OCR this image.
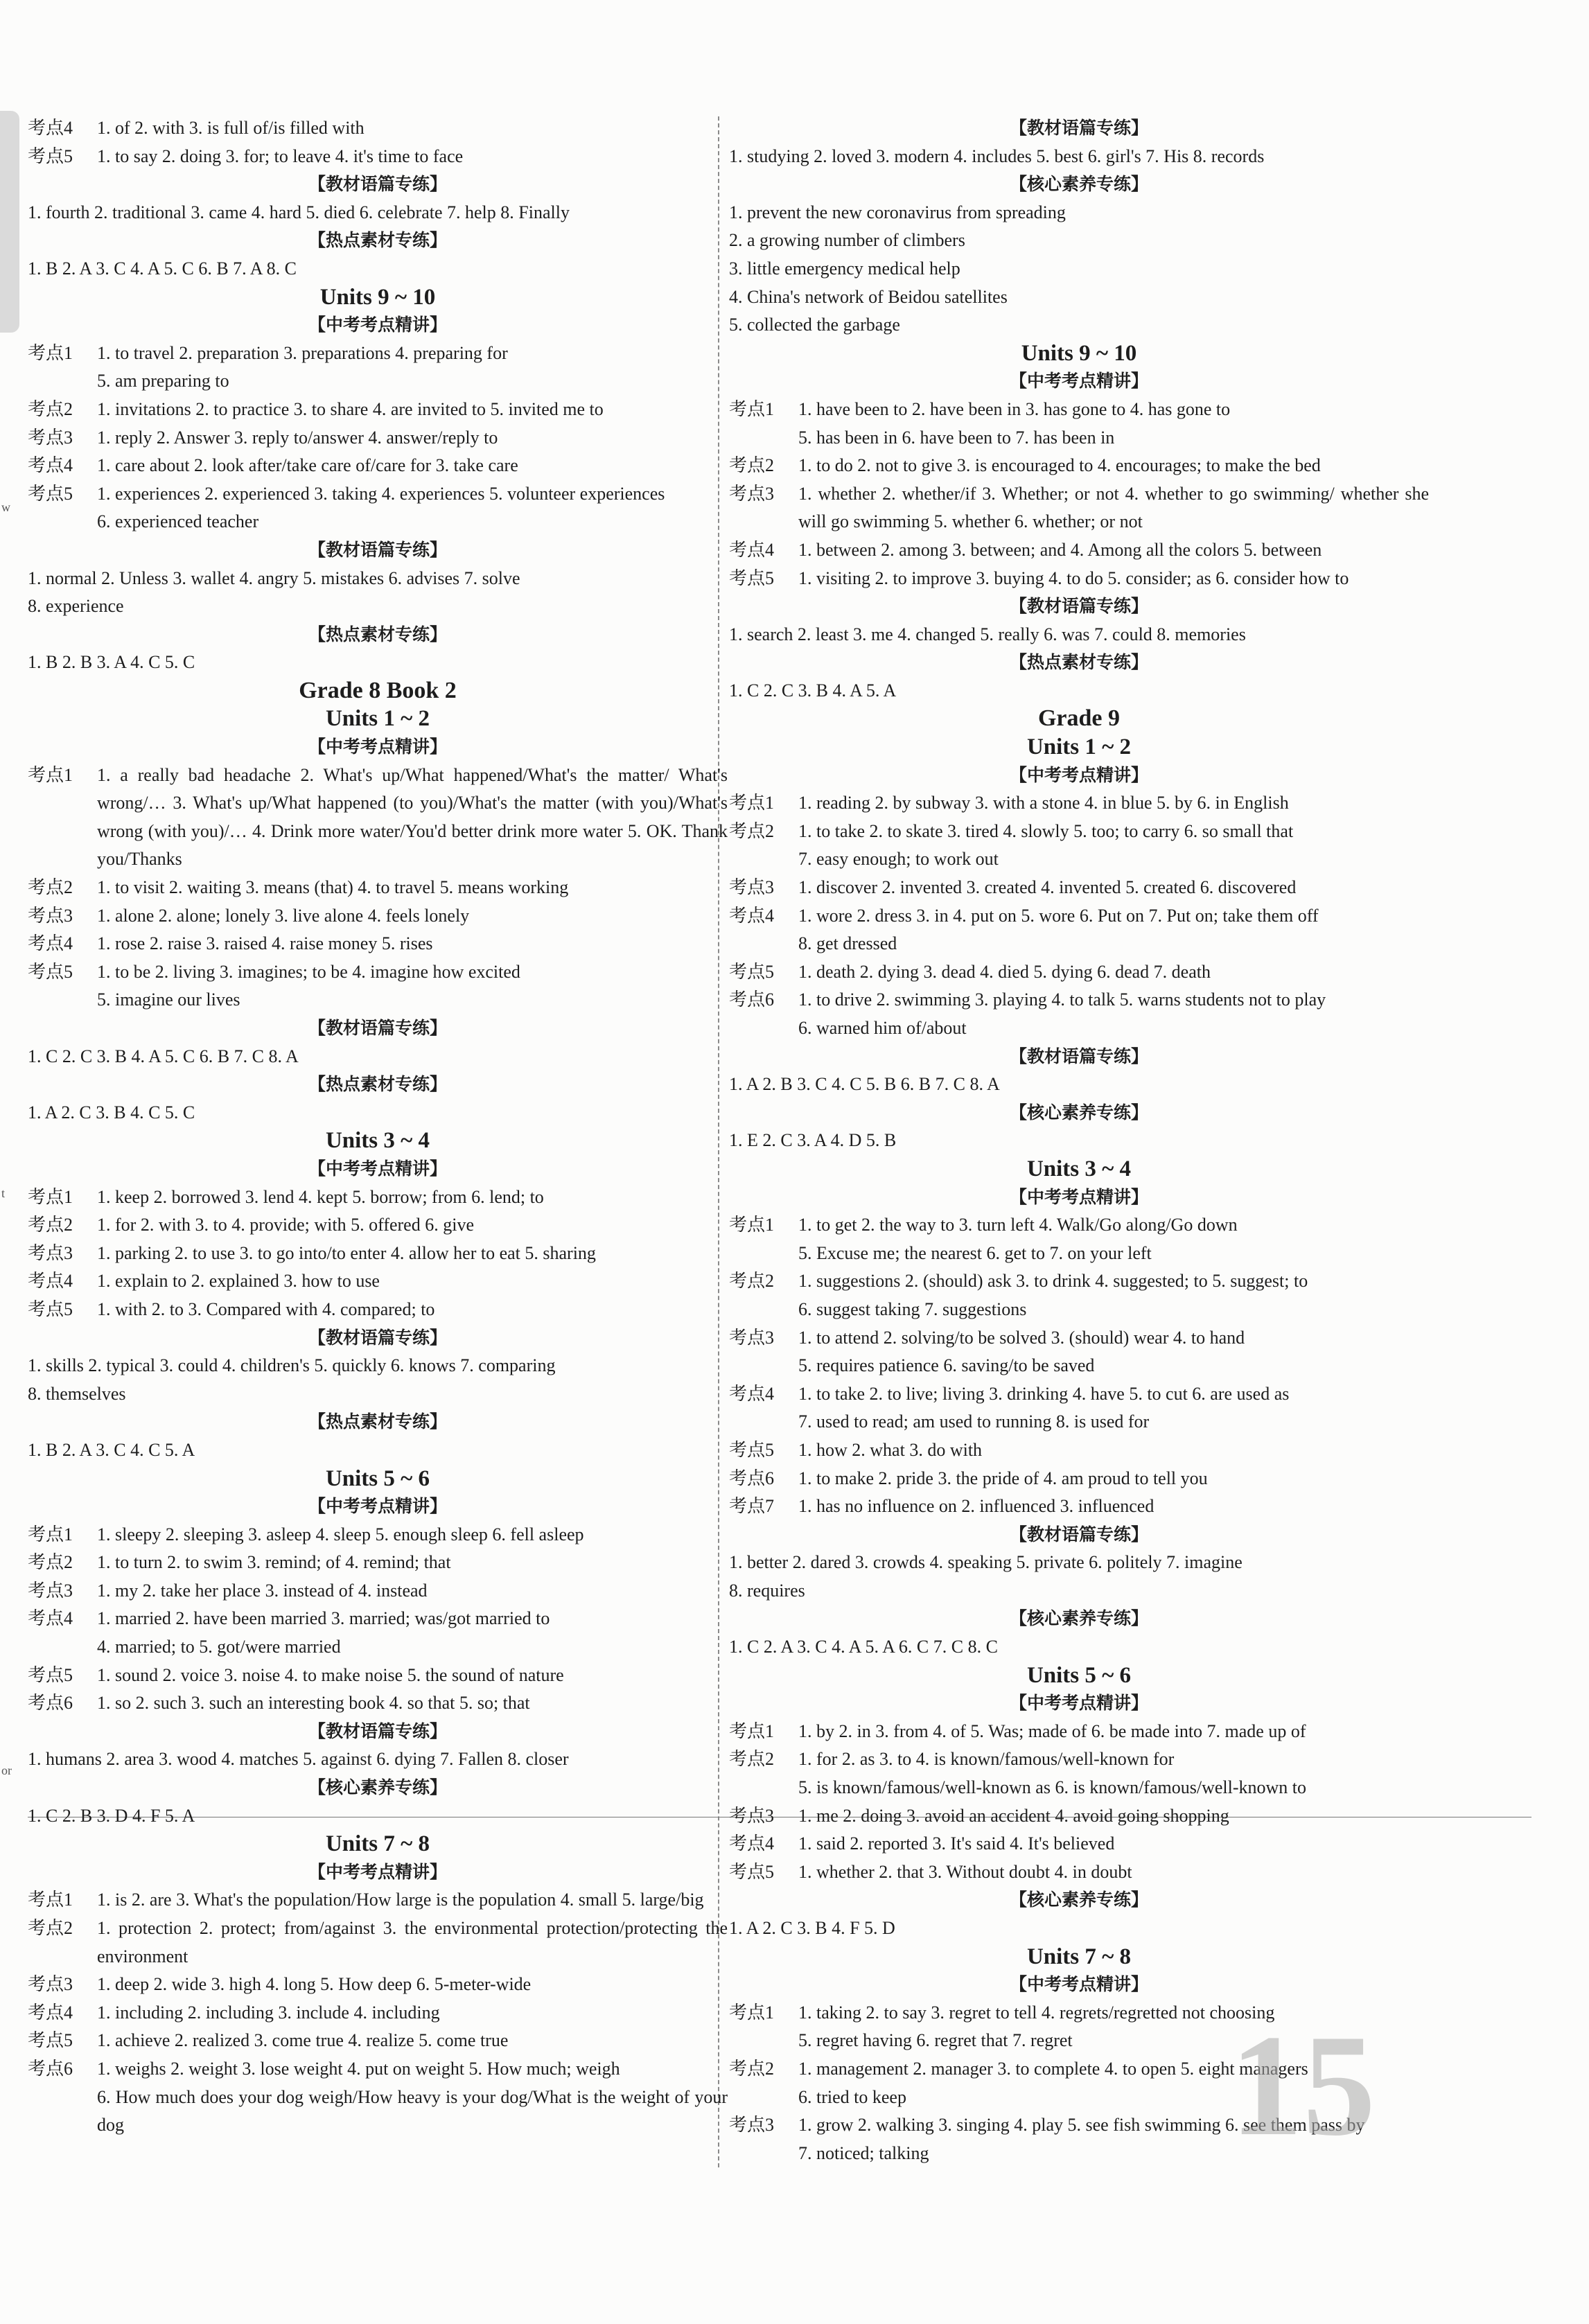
w
t
or
考点4	1. of 2. with 3. is full of/is filled with
考点5	1. to say 2. doing 3. for; to leave 4. it's time to face
【教材语篇专练】
1. fourth 2. traditional 3. came 4. hard 5. died 6. celebrate 7. help 8. Finally
【热点素材专练】
1. B 2. A 3. C 4. A 5. C 6. B 7. A 8. C
Units 9 ~ 10
【中考考点精讲】
考点1	1. to travel 2. preparation 3. preparations 4. preparing for
5. am preparing to
考点2	1. invitations 2. to practice 3. to share 4. are invited to 5. invited me to
考点3	1. reply 2. Answer 3. reply to/answer 4. answer/reply to
考点4	1. care about 2. look after/take care of/care for 3. take care
考点5	1. experiences 2. experienced 3. taking 4. experiences 5. volunteer experiences
6. experienced teacher
【教材语篇专练】
1. normal 2. Unless 3. wallet 4. angry 5. mistakes 6. advises 7. solve
8. experience
【热点素材专练】
1. B 2. B 3. A 4. C 5. C
Grade 8 Book 2
Units 1 ~ 2
【中考考点精讲】
考点1	1. a really bad headache 2. What's up/What happened/What's the matter/ What's wrong/… 3. What's up/What happened (to you)/What's the matter (with you)/What's wrong (with you)/… 4. Drink more water/You'd better drink more water 5. OK. Thank you/Thanks
考点2	1. to visit 2. waiting 3. means (that) 4. to travel 5. means working
考点3	1. alone 2. alone; lonely 3. live alone 4. feels lonely
考点4	1. rose 2. raise 3. raised 4. raise money 5. rises
考点5	1. to be 2. living 3. imagines; to be 4. imagine how excited
5. imagine our lives
【教材语篇专练】
1. C 2. C 3. B 4. A 5. C 6. B 7. C 8. A
【热点素材专练】
1. A 2. C 3. B 4. C 5. C
Units 3 ~ 4
【中考考点精讲】
考点1	1. keep 2. borrowed 3. lend 4. kept 5. borrow; from 6. lend; to
考点2	1. for 2. with 3. to 4. provide; with 5. offered 6. give
考点3	1. parking 2. to use 3. to go into/to enter 4. allow her to eat 5. sharing
考点4	1. explain to 2. explained 3. how to use
考点5	1. with 2. to 3. Compared with 4. compared; to
【教材语篇专练】
1. skills 2. typical 3. could 4. children's 5. quickly 6. knows 7. comparing
8. themselves
【热点素材专练】
1. B 2. A 3. C 4. C 5. A
Units 5 ~ 6
【中考考点精讲】
考点1	1. sleepy 2. sleeping 3. asleep 4. sleep 5. enough sleep 6. fell asleep
考点2	1. to turn 2. to swim 3. remind; of 4. remind; that
考点3	1. my 2. take her place 3. instead of 4. instead
考点4	1. married 2. have been married 3. married; was/got married to
4. married; to 5. got/were married
考点5	1. sound 2. voice 3. noise 4. to make noise 5. the sound of nature
考点6	1. so 2. such 3. such an interesting book 4. so that 5. so; that
【教材语篇专练】
1. humans 2. area 3. wood 4. matches 5. against 6. dying 7. Fallen 8. closer
【核心素养专练】
1. C 2. B 3. D 4. F 5. A
Units 7 ~ 8
【中考考点精讲】
考点1	1. is 2. are 3. What's the population/How large is the population 4. small 5. large/big
考点2	1. protection 2. protect; from/against 3. the environmental protection/protecting the environment
考点3	1. deep 2. wide 3. high 4. long 5. How deep 6. 5-meter-wide
考点4	1. including 2. including 3. include 4. including
考点5	1. achieve 2. realized 3. come true 4. realize 5. come true
考点6	1. weighs 2. weight 3. lose weight 4. put on weight 5. How much; weigh
6. How much does your dog weigh/How heavy is your dog/What is the weight of your dog
【教材语篇专练】
1. studying 2. loved 3. modern 4. includes 5. best 6. girl's 7. His 8. records
【核心素养专练】
1. prevent the new coronavirus from spreading
2. a growing number of climbers
3. little emergency medical help
4. China's network of Beidou satellites
5. collected the garbage
Units 9 ~ 10
【中考考点精讲】
考点1	1. have been to 2. have been in 3. has gone to 4. has gone to
5. has been in 6. have been to 7. has been in
考点2	1. to do 2. not to give 3. is encouraged to 4. encourages; to make the bed
考点3	1. whether 2. whether/if 3. Whether; or not 4. whether to go swimming/ whether she will go swimming 5. whether 6. whether; or not
考点4	1. between 2. among 3. between; and 4. Among all the colors 5. between
考点5	1. visiting 2. to improve 3. buying 4. to do 5. consider; as 6. consider how to
【教材语篇专练】
1. search 2. least 3. me 4. changed 5. really 6. was 7. could 8. memories
【热点素材专练】
1. C 2. C 3. B 4. A 5. A
Grade 9
Units 1 ~ 2
【中考考点精讲】
考点1	1. reading 2. by subway 3. with a stone 4. in blue 5. by 6. in English
考点2	1. to take 2. to skate 3. tired 4. slowly 5. too; to carry 6. so small that
7. easy enough; to work out
考点3	1. discover 2. invented 3. created 4. invented 5. created 6. discovered
考点4	1. wore 2. dress 3. in 4. put on 5. wore 6. Put on 7. Put on; take them off
8. get dressed
考点5	1. death 2. dying 3. dead 4. died 5. dying 6. dead 7. death
考点6	1. to drive 2. swimming 3. playing 4. to talk 5. warns students not to play
6. warned him of/about
【教材语篇专练】
1. A 2. B 3. C 4. C 5. B 6. B 7. C 8. A
【核心素养专练】
1. E 2. C 3. A 4. D 5. B
Units 3 ~ 4
【中考考点精讲】
考点1	1. to get 2. the way to 3. turn left 4. Walk/Go along/Go down
5. Excuse me; the nearest 6. get to 7. on your left
考点2	1. suggestions 2. (should) ask 3. to drink 4. suggested; to 5. suggest; to
6. suggest taking 7. suggestions
考点3	1. to attend 2. solving/to be solved 3. (should) wear 4. to hand
5. requires patience 6. saving/to be saved
考点4	1. to take 2. to live; living 3. drinking 4. have 5. to cut 6. are used as
7. used to read; am used to running 8. is used for
考点5	1. how 2. what 3. do with
考点6	1. to make 2. pride 3. the pride of 4. am proud to tell you
考点7	1. has no influence on 2. influenced 3. influenced
【教材语篇专练】
1. better 2. dared 3. crowds 4. speaking 5. private 6. politely 7. imagine
8. requires
【核心素养专练】
1. C 2. A 3. C 4. A 5. A 6. C 7. C 8. C
Units 5 ~ 6
【中考考点精讲】
考点1	1. by 2. in 3. from 4. of 5. Was; made of 6. be made into 7. made up of
考点2	1. for 2. as 3. to 4. is known/famous/well-known for
5. is known/famous/well-known as 6. is known/famous/well-known to
考点3	1. me 2. doing 3. avoid an accident 4. avoid going shopping
考点4	1. said 2. reported 3. It's said 4. It's believed
考点5	1. whether 2. that 3. Without doubt 4. in doubt
【核心素养专练】
1. A 2. C 3. B 4. F 5. D
Units 7 ~ 8
【中考考点精讲】
考点1	1. taking 2. to say 3. regret to tell 4. regrets/regretted not choosing
5. regret having 6. regret that 7. regret
考点2	1. management 2. manager 3. to complete 4. to open 5. eight managers
6. tried to keep
考点3	1. grow 2. walking 3. singing 4. play 5. see fish swimming 6. see them pass by
7. noticed; talking	15
